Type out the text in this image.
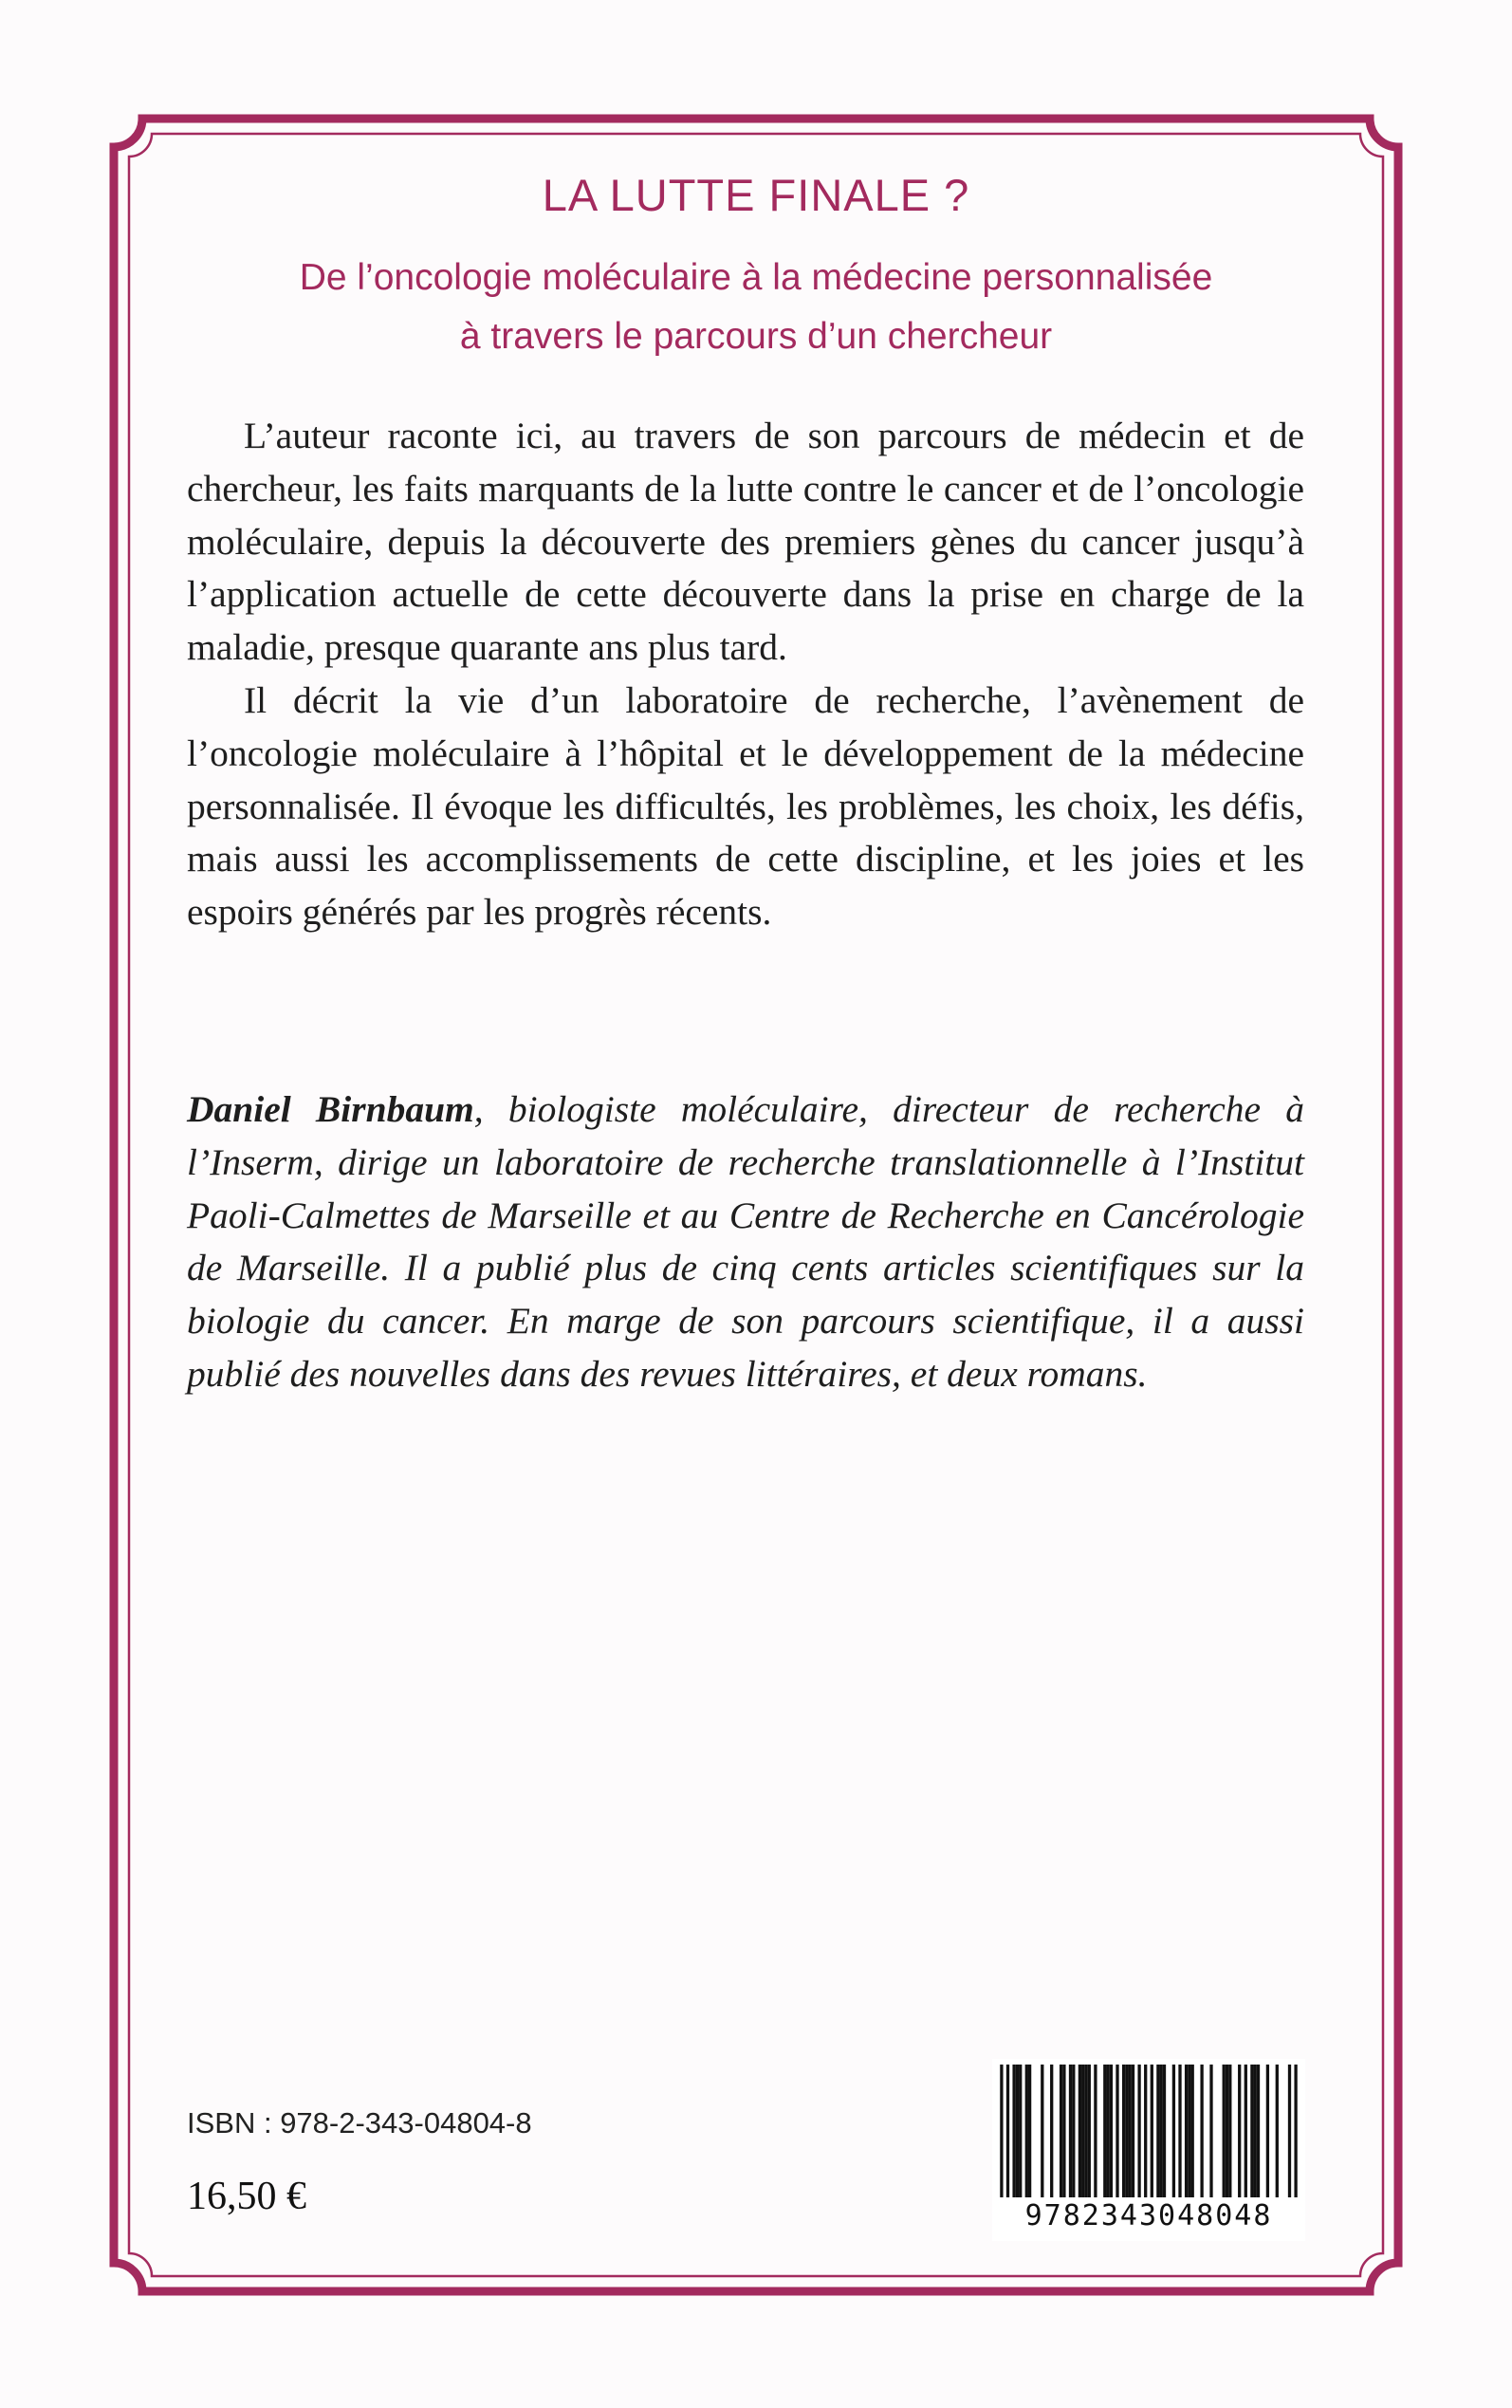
LA LUTTE FINALE ?
De l’oncologie moléculaire à la médecine personnalisée
à travers le parcours d’un chercheur

L’auteur raconte ici, au travers de son parcours de médecin et de chercheur, les faits marquants de la lutte contre le cancer et de l’oncologie moléculaire, depuis la découverte des premiers gènes du cancer jusqu’à l’application actuelle de cette découverte dans la prise en charge de la maladie, presque quarante ans plus tard.

Il décrit la vie d’un laboratoire de recherche, l’avènement de l’oncologie moléculaire à l’hôpital et le développement de la médecine personnalisée. Il évoque les difficultés, les problèmes, les choix, les défis, mais aussi les accomplissements de cette discipline, et les joies et les espoirs générés par les progrès récents.

Daniel Birnbaum, biologiste moléculaire, directeur de recherche à l’Inserm, dirige un laboratoire de recherche translationnelle à l’Institut Paoli-Calmettes de Marseille et au Centre de Recherche en Cancérologie de Marseille. Il a publié plus de cinq cents articles scientifiques sur la biologie du cancer. En marge de son parcours scientifique, il a aussi publié des nouvelles dans des revues littéraires, et deux romans.

ISBN : 978-2-343-04804-8
16,50 €	9782343048048
